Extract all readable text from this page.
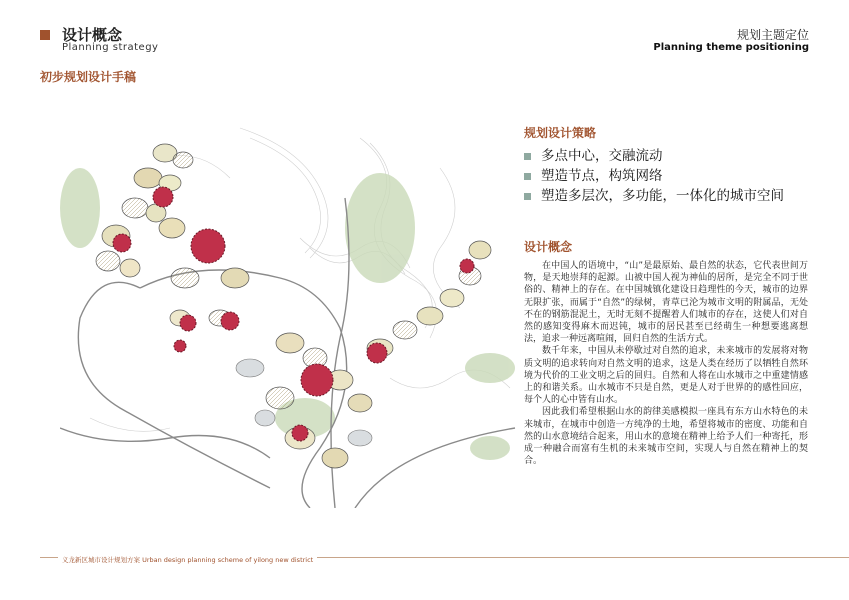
设计概念
Planning strategy
规划主题定位
Planning theme positioning
初步规划设计手稿
规划设计策略
多点中心，交融流动
塑造节点，构筑网络
塑造多层次，多功能，一体化的城市空间
设计概念

在中国人的语境中，“山”是最原始、最自然的状态，它代表世间万物，是天地崇拜的起源。山被中国人视为神仙的居所，是完全不同于世俗的、精神上的存在。在中国城镇化建设日趋理性的今天，城市的边界无限扩张，而属于“自然”的绿树，青草已沦为城市文明的附属品，无处不在的钢筋混泥土，无时无刻不提醒着人们城市的存在，这使人们对自然的感知变得麻木而迟钝，城市的居民甚至已经萌生一种想要逃离想法，追求一种远离喧闹，回归自然的生活方式。

数千年来，中国从未停歇过对自然的追求，未来城市的发展将对物质文明的追求转向对自然文明的追求，这是人类在经历了以牺牲自然环境为代价的工业文明之后的回归。自然和人将在山水城市之中重建情感上的和谐关系。山水城市不只是自然，更是人对于世界的的感性回应，每个人的心中皆有山水。

因此我们希望根据山水的韵律美感模拟一座具有东方山水特色的未来城市，在城市中创造一方纯净的土地，希望将城市的密度、功能和自然的山水意境结合起来，用山水的意境在精神上给予人们一种寄托，形成一种融合而富有生机的未来城市空间，实现人与自然在精神上的契合。

义龙新区城市设计规划方案 Urban design planning scheme of yilong new district
